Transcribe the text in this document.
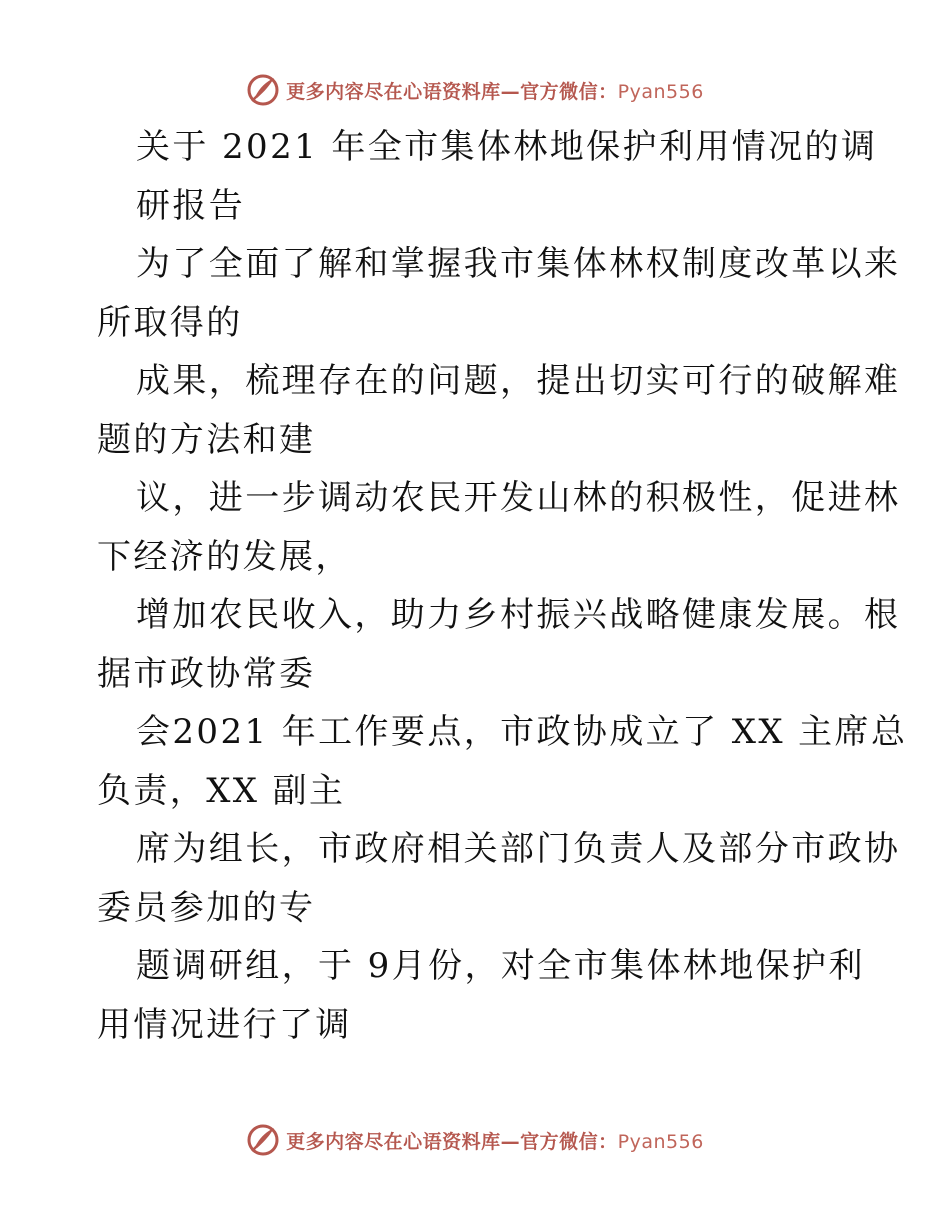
更多内容尽在心语资料库—官方微信：Pyan556
关于 2021 年全市集体林地保护利用情况的调
研报告
为了全面了解和掌握我市集体林权制度改革以来
所取得的
成果，梳理存在的问题，提出切实可行的破解难
题的方法和建
议，进一步调动农民开发山林的积极性，促进林
下经济的发展，
增加农民收入，助力乡村振兴战略健康发展。根
据市政协常委
会2021 年工作要点，市政协成立了 XX 主席总
负责，XX 副主
席为组长，市政府相关部门负责人及部分市政协
委员参加的专
题调研组，于 9月份，对全市集体林地保护利
用情况进行了调
更多内容尽在心语资料库—官方微信：Pyan556
